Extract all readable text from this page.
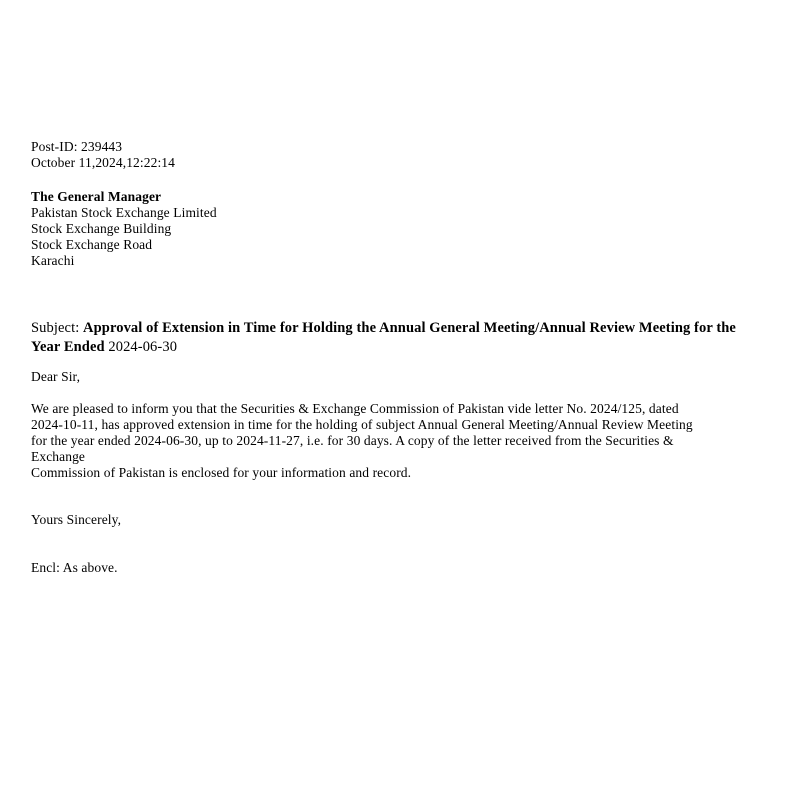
Post-ID: 239443
October 11,2024,12:22:14
The General Manager
Pakistan Stock Exchange Limited
Stock Exchange Building
Stock Exchange Road
Karachi
Subject: Approval of Extension in Time for Holding the Annual General Meeting/Annual Review Meeting for the
Year Ended 2024-06-30
Dear Sir,
We are pleased to inform you that the Securities & Exchange Commission of Pakistan vide letter No. 2024/125, dated
2024-10-11, has approved extension in time for the holding of subject Annual General Meeting/Annual Review Meeting
for the year ended 2024-06-30, up to 2024-11-27, i.e. for 30 days. A copy of the letter received from the Securities &
Exchange
Commission of Pakistan is enclosed for your information and record.
Yours Sincerely,
Encl: As above.
